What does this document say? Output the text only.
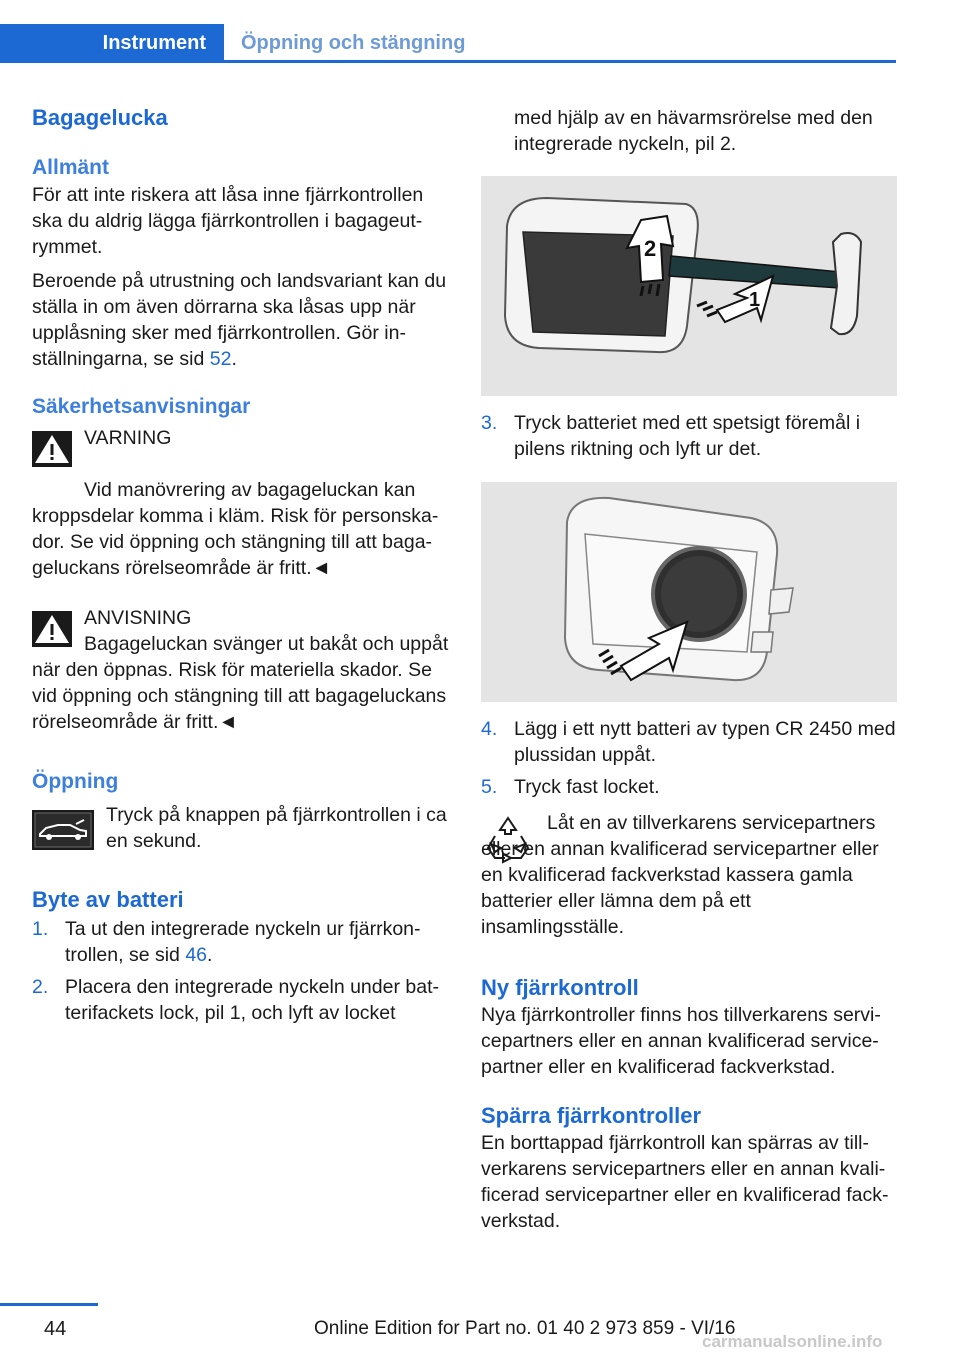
Instrument	Öppning och stängning
Bagagelucka
Allmänt

För att inte riskera att låsa inne fjärrkontrollen ska du aldrig lägga fjärrkontrollen i bagageutrymmet.

Beroende på utrustning och landsvariant kan du ställa in om även dörrarna ska låsas upp när upplåsning sker med fjärrkontrollen. Gör inställningarna, se sid 52.

Säkerhetsanvisningar

VARNING

Vid manövrering av bagageluckan kan kroppsdelar komma i kläm. Risk för personskador. Se vid öppning och stängning till att bagageluckans rörelseområde är fritt.◄

ANVISNING

Bagageluckan svänger ut bakåt och uppåt när den öppnas. Risk för materiella skador. Se vid öppning och stängning till att bagageluckans rörelseområde är fritt.◄

Öppning

Tryck på knappen på fjärrkontrollen i ca en sekund.

Byte av batteri
1. Ta ut den integrerade nyckeln ur fjärrkontrollen, se sid 46.
2. Placera den integrerade nyckeln under batterifackets lock, pil 1, och lyft av locket

med hjälp av en hävarmsrörelse med den integrerade nyckeln, pil 2.

2
1
3. Tryck batteriet med ett spetsigt föremål i pilens riktning och lyft ur det.
4. Lägg i ett nytt batteri av typen CR 2450 med plussidan uppåt.
5. Tryck fast locket.

Låt en av tillverkarens servicepartners eller en annan kvalificerad servicepartner eller en kvalificerad fackverkstad kassera gamla batterier eller lämna dem på ett insamlingsställe.

Ny fjärrkontroll

Nya fjärrkontroller finns hos tillverkarens servicepartners eller en annan kvalificerad servicepartner eller en kvalificerad fackverkstad.

Spärra fjärrkontroller

En borttappad fjärrkontroll kan spärras av tillverkarens servicepartners eller en annan kvalificerad servicepartner eller en kvalificerad fackverkstad.

44	Online Edition for Part no. 01 40 2 973 859 - VI/16
carmanualsonline.info
